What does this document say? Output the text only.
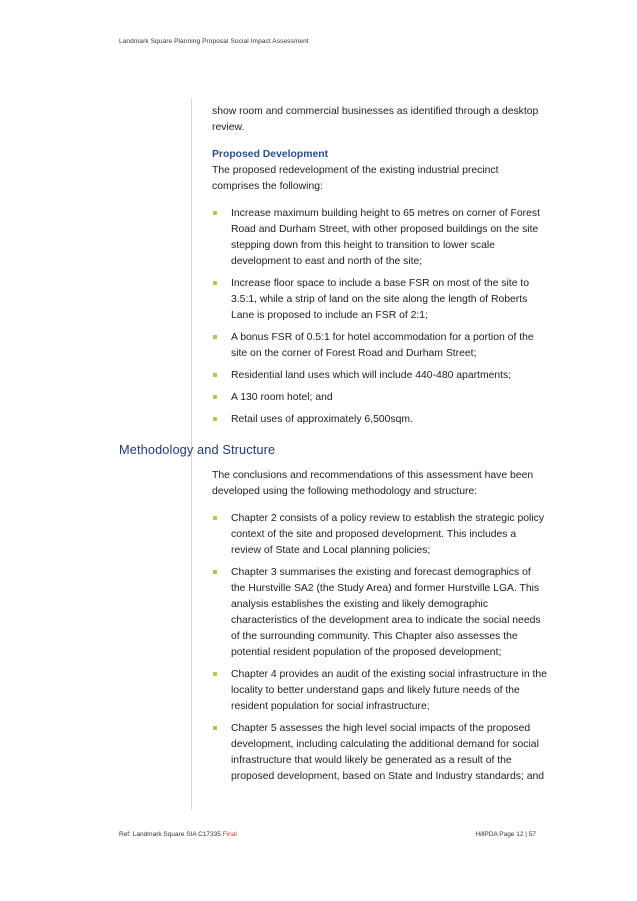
Landmark Square Planning Proposal Social Impact Assessment

show room and commercial businesses as identified through a desktop review.

Proposed Development

The proposed redevelopment of the existing industrial precinct comprises the following:

Increase maximum building height to 65 metres on corner of Forest Road and Durham Street, with other proposed buildings on the site stepping down from this height to transition to lower scale development to east and north of the site;
Increase floor space to include a base FSR on most of the site to 3.5:1, while a strip of land on the site along the length of Roberts Lane is proposed to include an FSR of 2:1;
A bonus FSR of 0.5:1 for hotel accommodation for a portion of the site on the corner of Forest Road and Durham Street;
Residential land uses which will include 440-480 apartments;
A 130 room hotel; and
Retail uses of approximately 6,500sqm.
Methodology and Structure

The conclusions and recommendations of this assessment have been developed using the following methodology and structure:

Chapter 2 consists of a policy review to establish the strategic policy context of the site and proposed development. This includes a review of State and Local planning policies;
Chapter 3 summarises the existing and forecast demographics of the Hurstville SA2 (the Study Area) and former Hurstville LGA. This analysis establishes the existing and likely demographic characteristics of the development area to indicate the social needs of the surrounding community. This Chapter also assesses the potential resident population of the proposed development;
Chapter 4 provides an audit of the existing social infrastructure in the locality to better understand gaps and likely future needs of the resident population for social infrastructure;
Chapter 5 assesses the high level social impacts of the proposed development, including calculating the additional demand for social infrastructure that would likely be generated as a result of the proposed development, based on State and Industry standards; and
Ref: Landmark Square SIA C17335 Final	HillPDA Page 12 | 57
